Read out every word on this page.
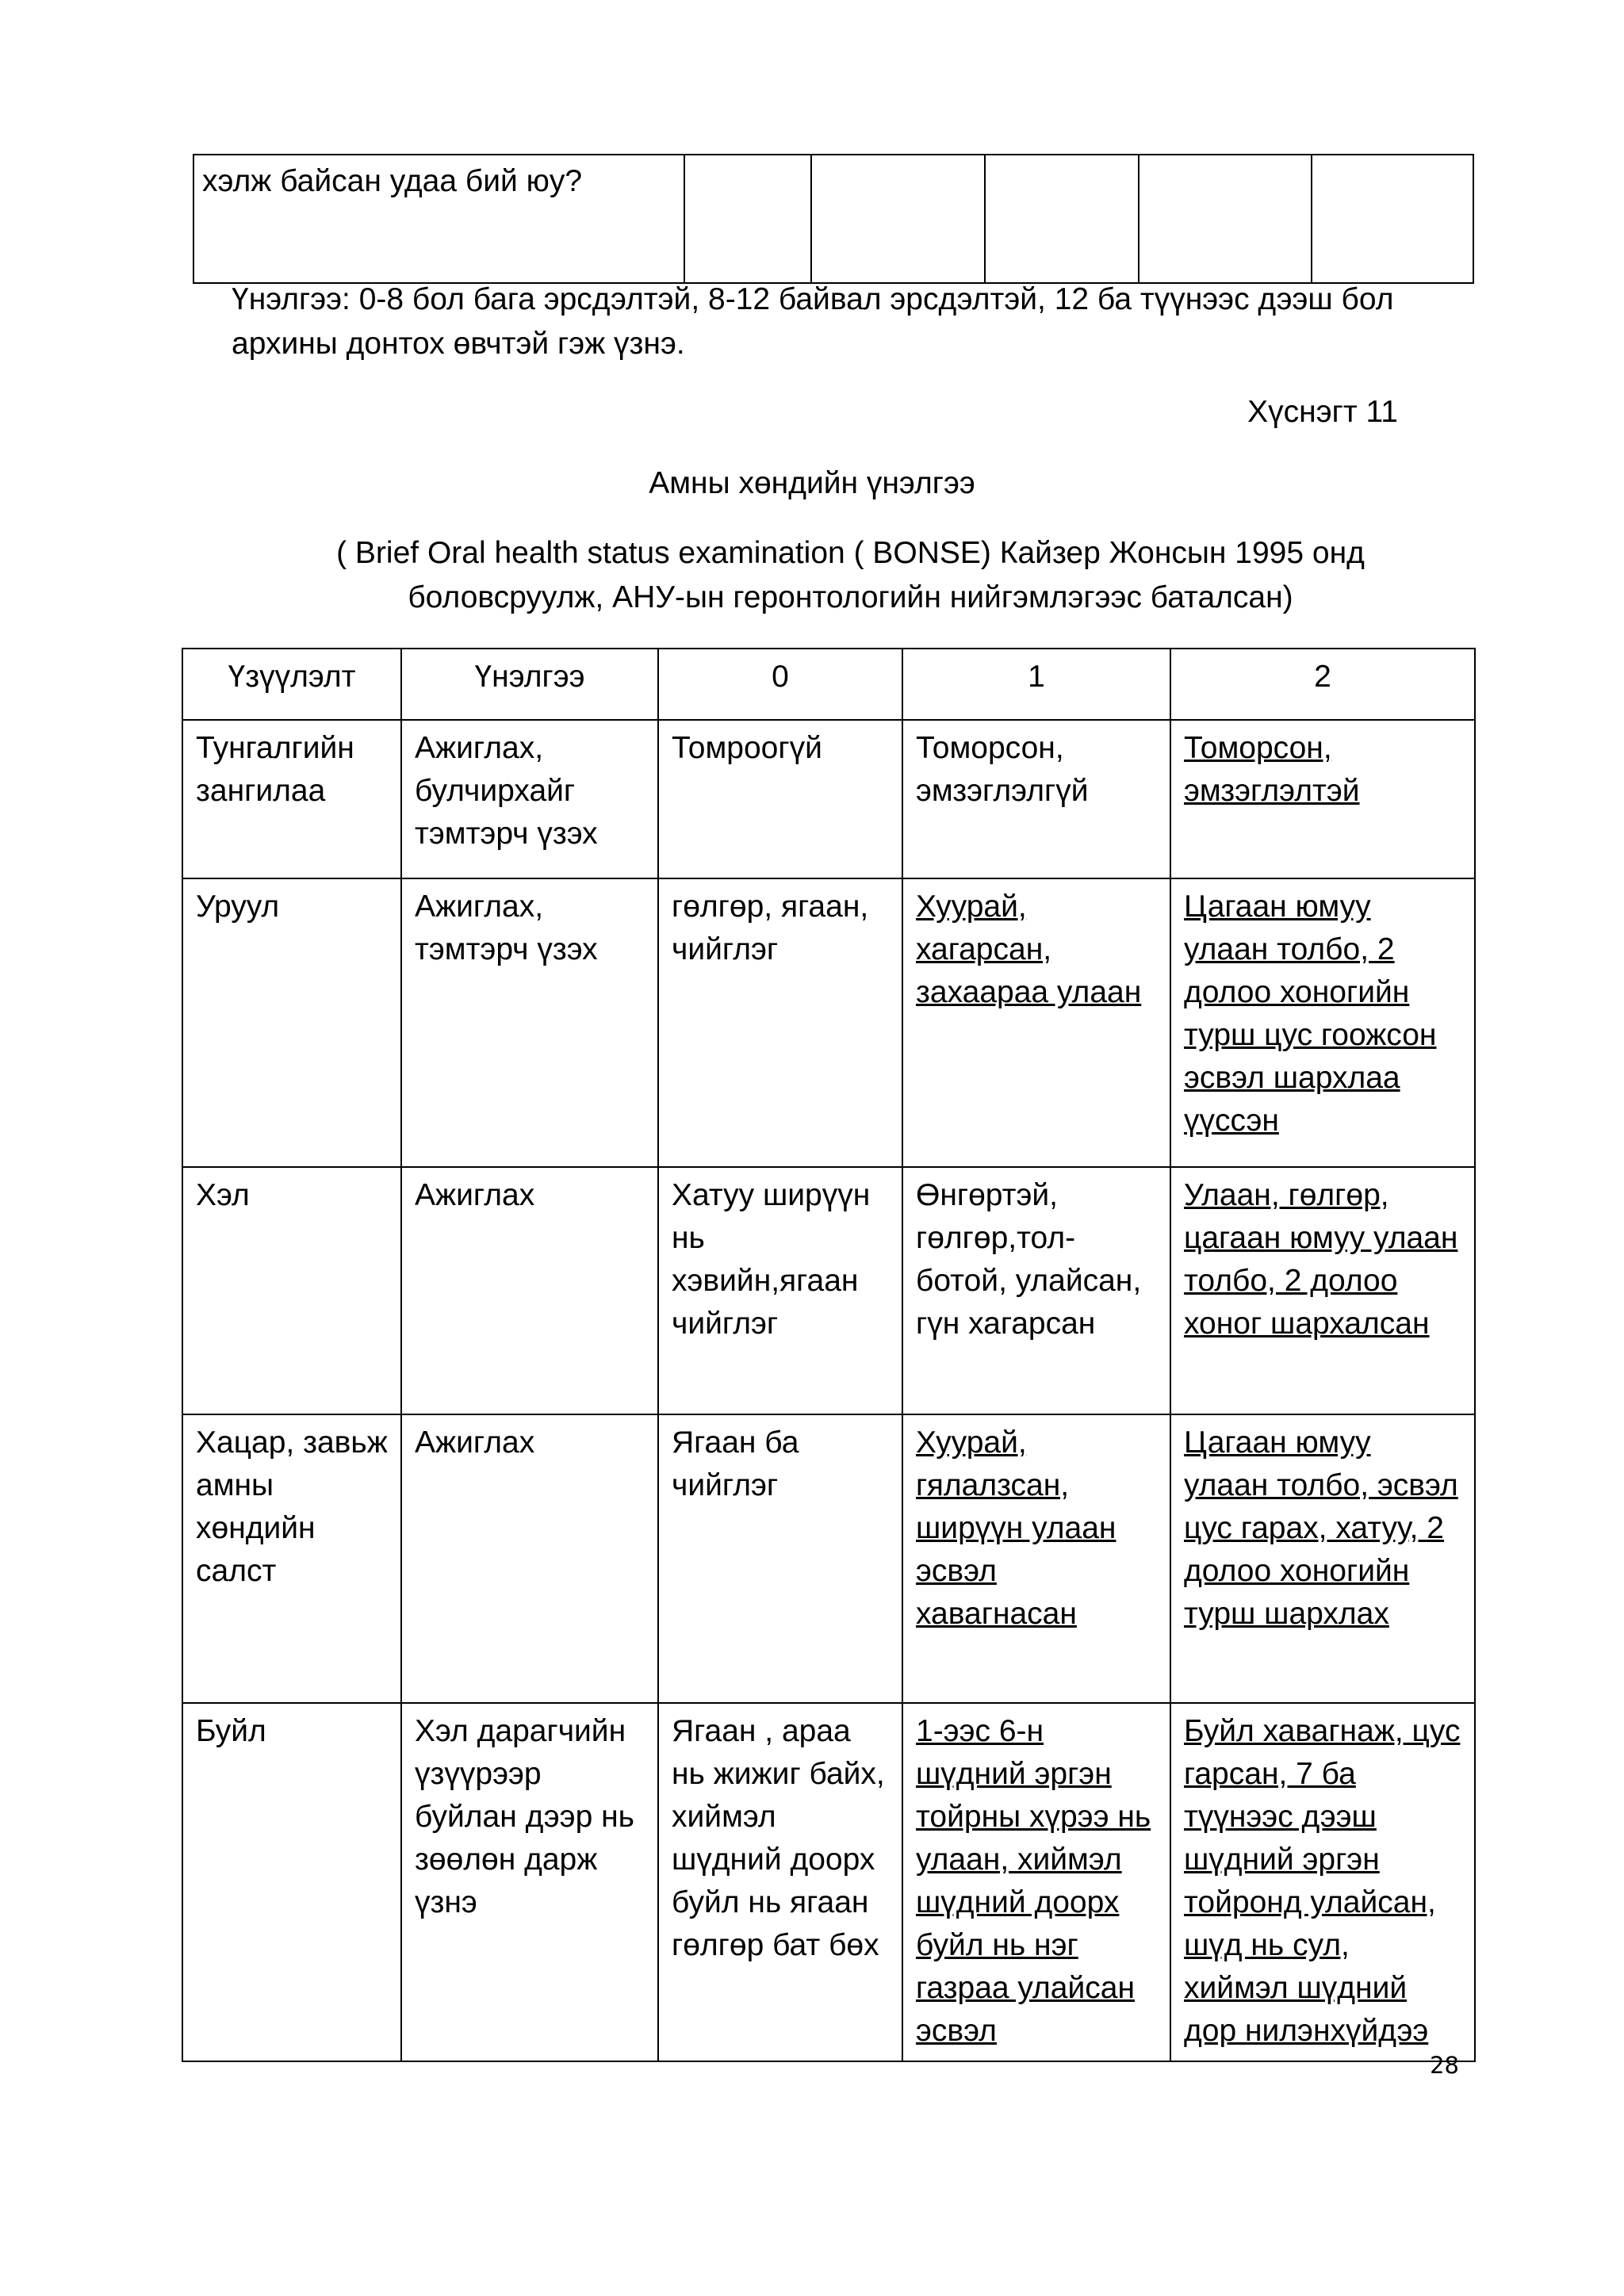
хэлж байсан удаа бий юу?					

Үнэлгээ: 0-8 бол бага эрсдэлтэй, 8-12 байвал эрсдэлтэй, 12 ба түүнээс дээш бол архины донтох өвчтэй гэж үзнэ.

Хүснэгт 11

Амны хөндийн үнэлгээ

( Brief Oral health status examination ( BONSE) Кайзер Жонсын 1995 онд боловсруулж, АНУ-ын геронтологийн нийгэмлэгээс баталсан)

Үзүүлэлт	Үнэлгээ	0	1	2
Тунгалгийн зангилаа	Ажиглах, булчирхайг тэмтэрч үзэх	Томроогүй	Томорсон, эмзэглэлгүй	Томорсон, эмзэглэлтэй
Уруул	Ажиглах, тэмтэрч үзэх	гөлгөр, ягаан, чийглэг	Хуурай, хагарсан, захаараа улаан	Цагаан юмуу улаан толбо, 2 долоо хоногийн турш цус гоожсон эсвэл шархлаа үүссэн
Хэл	Ажиглах	Хатуу ширүүн нь хэвийн,ягаан чийглэг	Өнгөртэй, гөлгөр,тол-ботой, улайсан, гүн хагарсан	Улаан, гөлгөр, цагаан юмуу улаан толбо, 2 долоо хоног шархалсан
Хацар, завьж амны хөндийн салст	Ажиглах	Ягаан ба чийглэг	Хуурай, гялалзсан, ширүүн улаан эсвэл хавагнасан	Цагаан юмуу улаан толбо, эсвэл цус гарах, хатуу, 2 долоо хоногийн турш шархлах
Буйл	Хэл дарагчийн үзүүрээр буйлан дээр нь зөөлөн дарж үзнэ	Ягаан , араа нь жижиг байх, хиймэл шүдний доорх буйл нь ягаан гөлгөр бат бөх	1-ээс 6-н шүдний эргэн тойрны хүрээ нь улаан, хиймэл шүдний доорх буйл нь нэг газраа улайсан эсвэл	Буйл хавагнаж, цус гарсан, 7 ба түүнээс дээш шүдний эргэн тойронд улайсан, шүд нь сул, хиймэл шүдний дор нилэнхүйдээ

28
